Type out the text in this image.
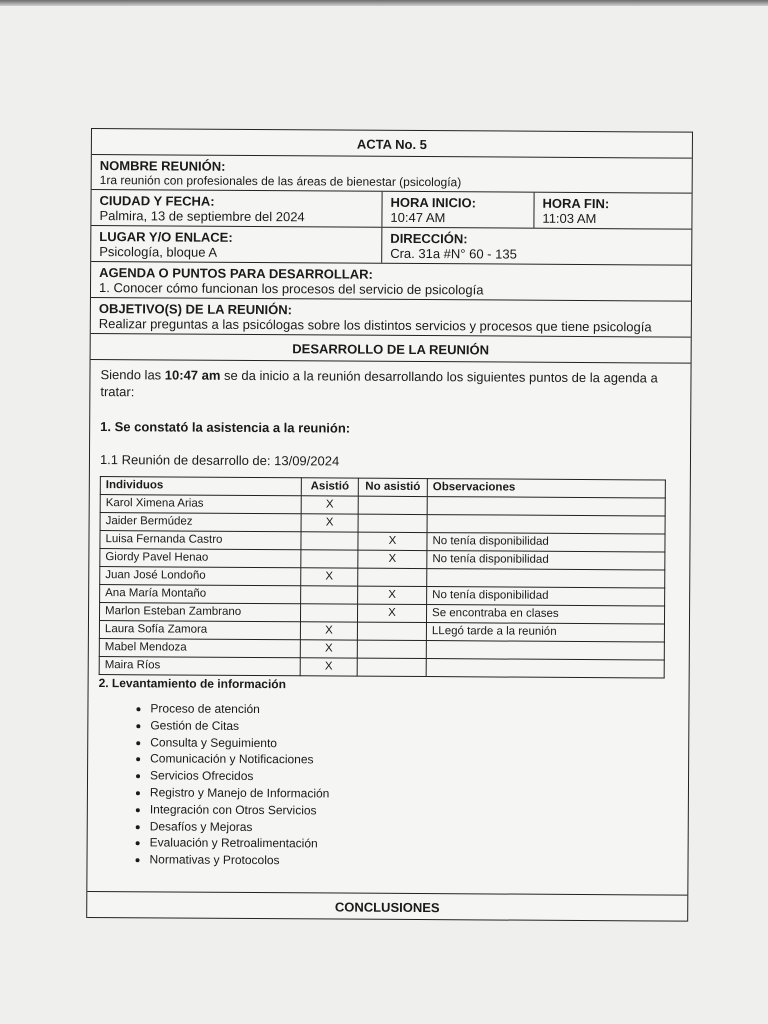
ACTA No. 5
NOMBRE REUNIÓN:
1ra reunión con profesionales de las áreas de bienestar (psicología)
CIUDAD Y FECHA:
Palmira, 13 de septiembre del 2024
HORA INICIO:
10:47 AM
HORA FIN:
11:03 AM
LUGAR Y/O ENLACE:
Psicología, bloque A
DIRECCIÓN:
Cra. 31a #N° 60 - 135
AGENDA O PUNTOS PARA DESARROLLAR:
1. Conocer cómo funcionan los procesos del servicio de psicología
OBJETIVO(S) DE LA REUNIÓN:
Realizar preguntas a las psicólogas sobre los distintos servicios y procesos que tiene psicología
DESARROLLO DE LA REUNIÓN

Siendo las 10:47 am se da inicio a la reunión desarrollando los siguientes puntos de la agenda a tratar:

1. Se constató la asistencia a la reunión:

1.1 Reunión de desarrollo de: 13/09/2024

Individuos	Asistió	No asistió	Observaciones
Karol Ximena Arias	X		
Jaider Bermúdez	X		
Luisa Fernanda Castro		X	No tenía disponibilidad
Giordy Pavel Henao		X	No tenía disponibilidad
Juan José Londoño	X		
Ana María Montaño		X	No tenía disponibilidad
Marlon Esteban Zambrano		X	Se encontraba en clases
Laura Sofía Zamora	X		LLegó tarde a la reunión
Mabel Mendoza	X		
Maira Ríos	X		

2. Levantamiento de información

• Proceso de atención
• Gestión de Citas
• Consulta y Seguimiento
• Comunicación y Notificaciones
• Servicios Ofrecidos
• Registro y Manejo de Información
• Integración con Otros Servicios
• Desafíos y Mejoras
• Evaluación y Retroalimentación
• Normativas y Protocolos
CONCLUSIONES
